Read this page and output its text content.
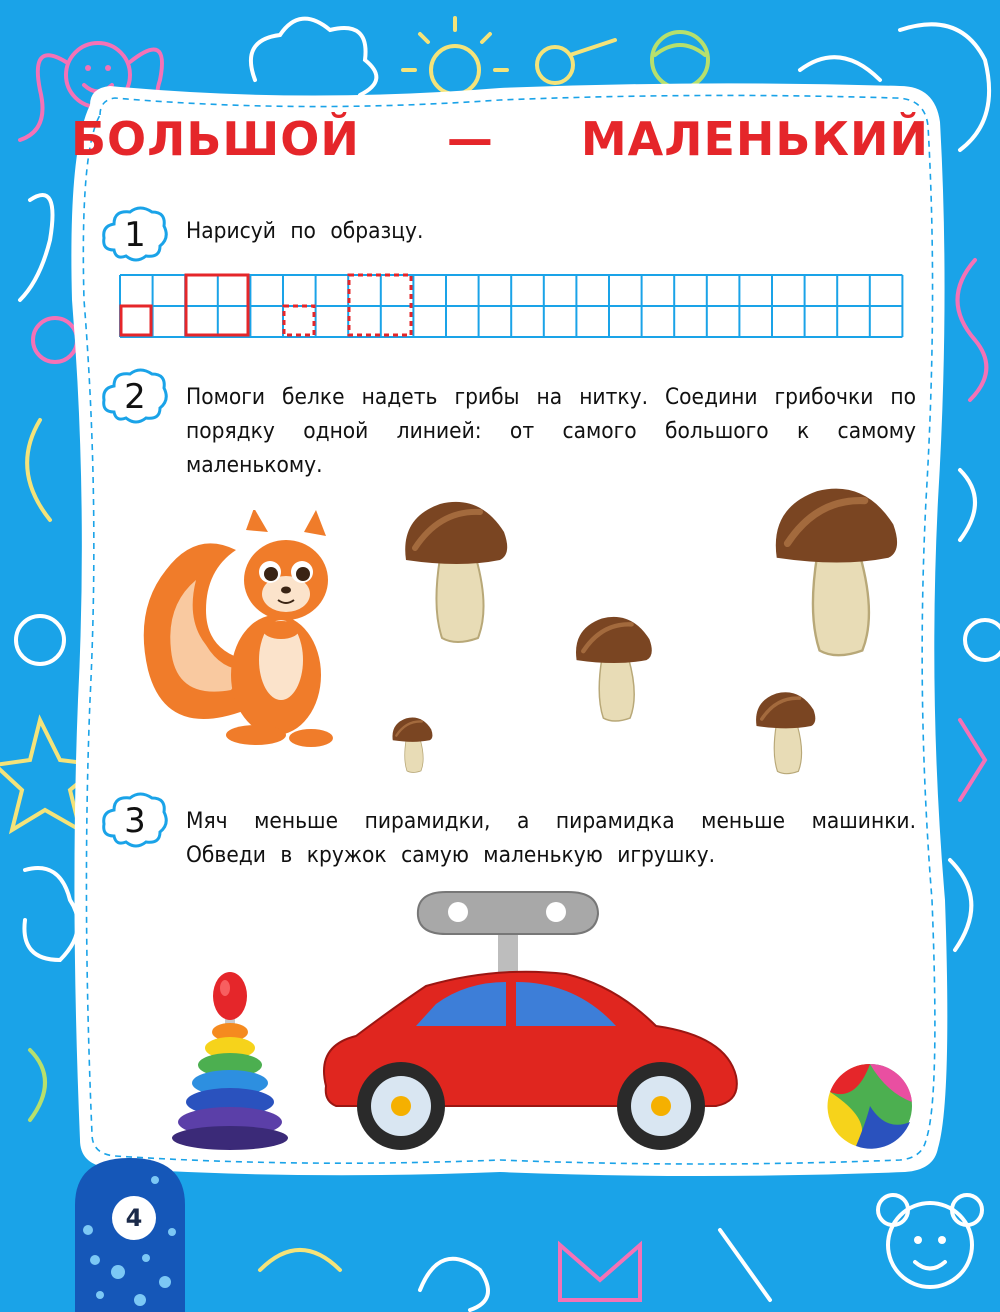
БОЛЬШОЙ — МАЛЕНЬКИЙ
1
2
3
Нарисуй по образцу.
Помоги белке надеть грибы на нитку. Соедини грибочки по порядку одной линией: от самого большого к самому маленькому.
Мяч меньше пирамидки, а пирамидка меньше машинки. Обведи в кружок самую маленькую игрушку.
4
